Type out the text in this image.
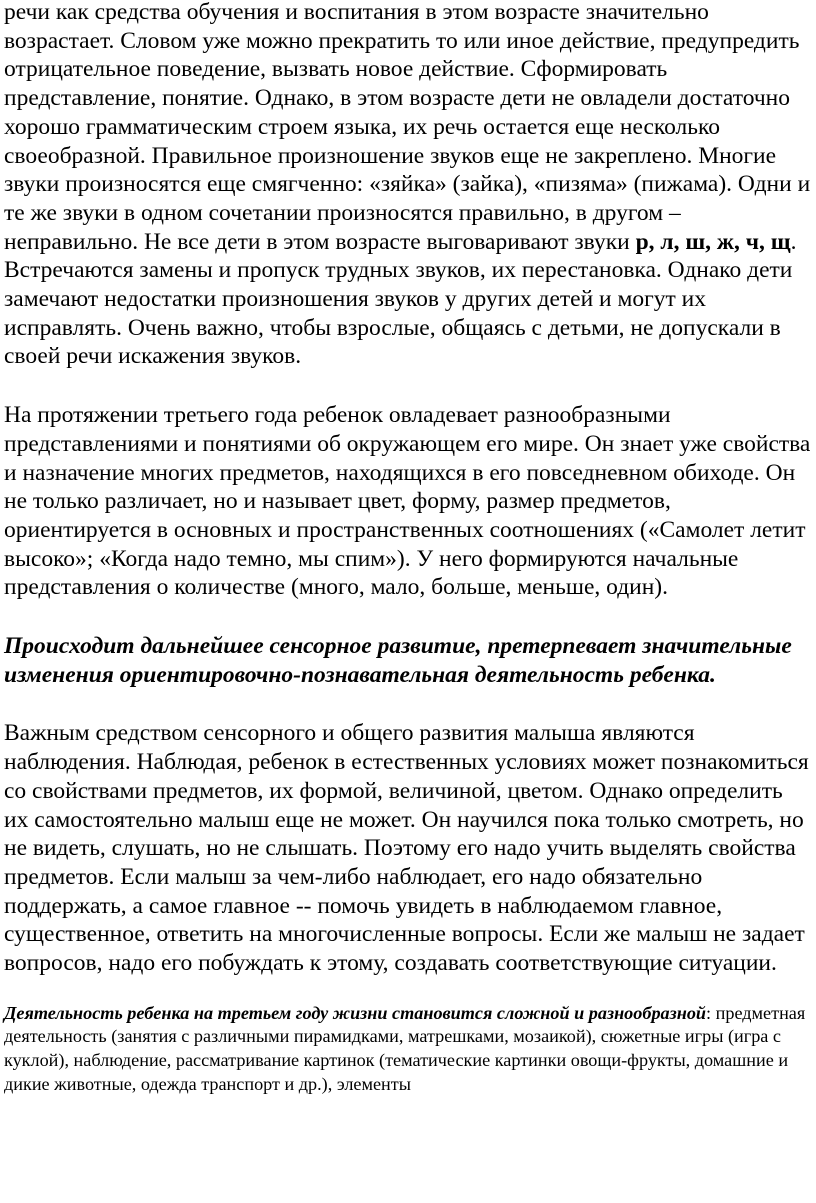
речи как средства обучения и воспитания в этом возрасте значительно возрастает. Словом уже можно прекратить то или иное действие, предупредить отрицательное поведение, вызвать новое действие. Сформировать представление, понятие. Однако, в этом возрасте дети не овладели достаточно хорошо грамматическим строем языка, их речь остается еще несколько своеобразной. Правильное произношение звуков еще не закреплено. Многие звуки произносятся еще смягченно: «зяйка» (зайка), «пизяма» (пижама). Одни и те же звуки в одном сочетании произносятся правильно, в другом – неправильно. Не все дети в этом возрасте выговаривают звуки р, л, ш, ж, ч, щ. Встречаются замены и пропуск трудных звуков, их перестановка. Однако дети замечают недостатки произношения звуков у других детей и могут их исправлять. Очень важно, чтобы взрослые, общаясь с детьми, не допускали в своей речи искажения звуков.

На протяжении третьего года ребенок овладевает разнообразными представлениями и понятиями об окружающем его мире. Он знает уже свойства и назначение многих предметов, находящихся в его повседневном обиходе. Он не только различает, но и называет цвет, форму, размер предметов, ориентируется в основных и пространственных соотношениях («Самолет летит высоко»; «Когда надо темно, мы спим»). У него формируются начальные представления о количестве (много, мало, больше, меньше, один).

Происходит дальнейшее сенсорное развитие, претерпевает значительные изменения ориентировочно-познавательная деятельность ребенка.

Важным средством сенсорного и общего развития малыша являются наблюдения. Наблюдая, ребенок в естественных условиях может познакомиться со свойствами предметов, их формой, величиной, цветом. Однако определить их самостоятельно малыш еще не может. Он научился пока только смотреть, но не видеть, слушать, но не слышать. Поэтому его надо учить выделять свойства предметов. Если малыш за чем-либо наблюдает, его надо обязательно поддержать, а самое главное -- помочь увидеть в наблюдаемом главное, существенное, ответить на многочисленные вопросы. Если же малыш не задает вопросов, надо его побуждать к этому, создавать соответствующие ситуации.

Деятельность ребенка на третьем году жизни становится сложной и разнообразной: предметная деятельность (занятия с различными пирамидками, матрешками, мозаикой), сюжетные игры (игра с куклой), наблюдение, рассматривание картинок (тематические картинки овощи-фрукты, домашние и дикие животные, одежда транспорт и др.), элементы
